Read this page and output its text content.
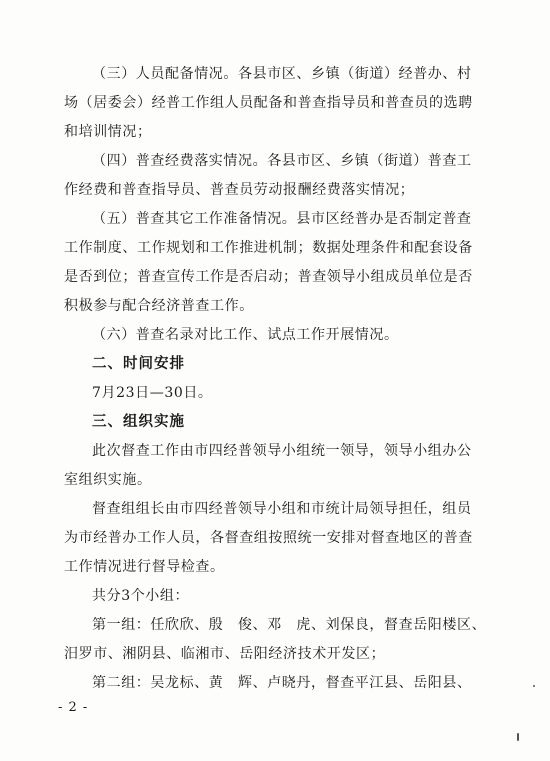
（三）人员配备情况。各县市区、乡镇（街道）经普办、村
场（居委会）经普工作组人员配备和普查指导员和普查员的选聘
和培训情况；
（四）普查经费落实情况。各县市区、乡镇（街道）普查工
作经费和普查指导员、普查员劳动报酬经费落实情况；
（五）普查其它工作准备情况。县市区经普办是否制定普查
工作制度、工作规划和工作推进机制；数据处理条件和配套设备
是否到位；普查宣传工作是否启动；普查领导小组成员单位是否
积极参与配合经济普查工作。
（六）普查名录对比工作、试点工作开展情况。
二、时间安排
7月23日—30日。
三、组织实施
此次督查工作由市四经普领导小组统一领导，领导小组办公
室组织实施。
督查组组长由市四经普领导小组和市统计局领导担任，组员
为市经普办工作人员，各督查组按照统一安排对督查地区的普查
工作情况进行督导检查。
共分3个小组：
第一组：任欣欣、殷　俊、邓　虎、刘保良，督查岳阳楼区、
汨罗市、湘阴县、临湘市、岳阳经济技术开发区；
第二组：吴龙标、黄　辉、卢晓丹，督查平江县、岳阳县、
- 2 -
